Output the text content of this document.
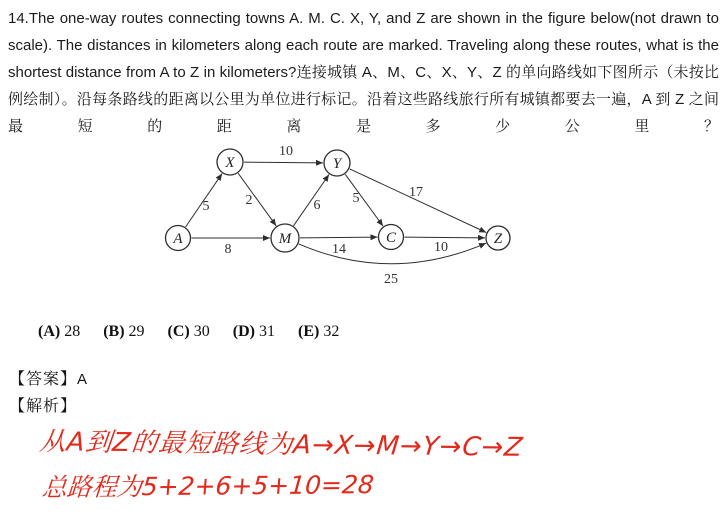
14.The one-way routes connecting towns A. M. C. X, Y, and Z are shown in the figure below(not drawn to scale). The distances in kilometers along each route are marked. Traveling along these routes, what is the shortest distance from A to Z in kilometers?连接城镇 A、M、C、X、Y、Z 的单向路线如下图所示（未按比例绘制）。沿每条路线的距离以公里为单位进行标记。沿着这些路线旅行所有城镇都要去一遍，A 到 Z 之间最短的距离是多少公里？

5
8
10
2	6
14
5	17
10
25
A
X	Y
M	C	Z
(A) 28 (B) 29 (C) 30 (D) 31 (E) 32
【答案】A
【解析】
从A到Z的最短路线为A→X→M→Y→C→Z
总路程为5+2+6+5+10=28
